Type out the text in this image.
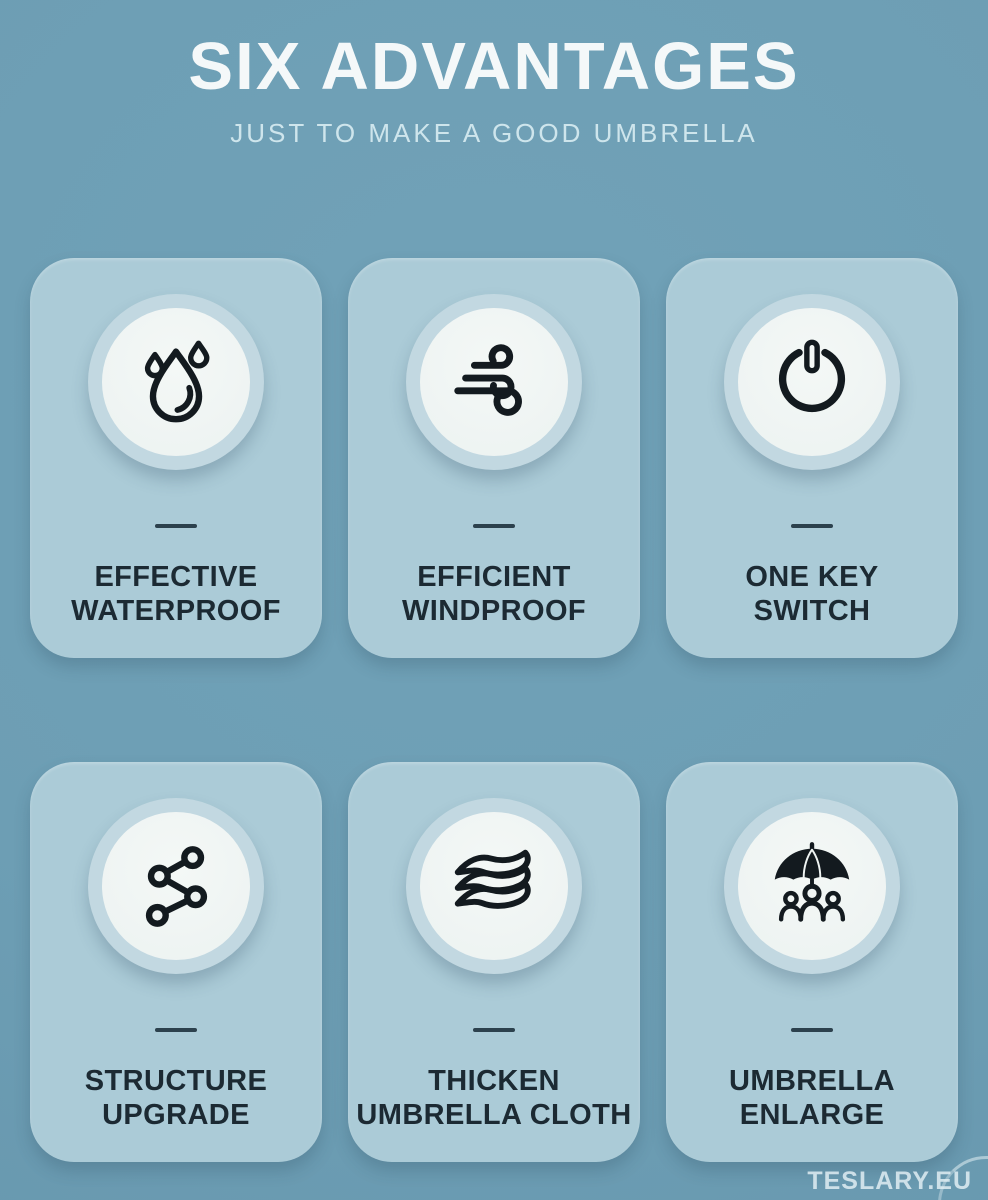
SIX ADVANTAGES
JUST TO MAKE A GOOD UMBRELLA
EFFECTIVE
WATERPROOF
EFFICIENT
WINDPROOF
ONE KEY
SWITCH
STRUCTURE
UPGRADE
THICKEN
UMBRELLA CLOTH
UMBRELLA
ENLARGE
TESLARY.EU
